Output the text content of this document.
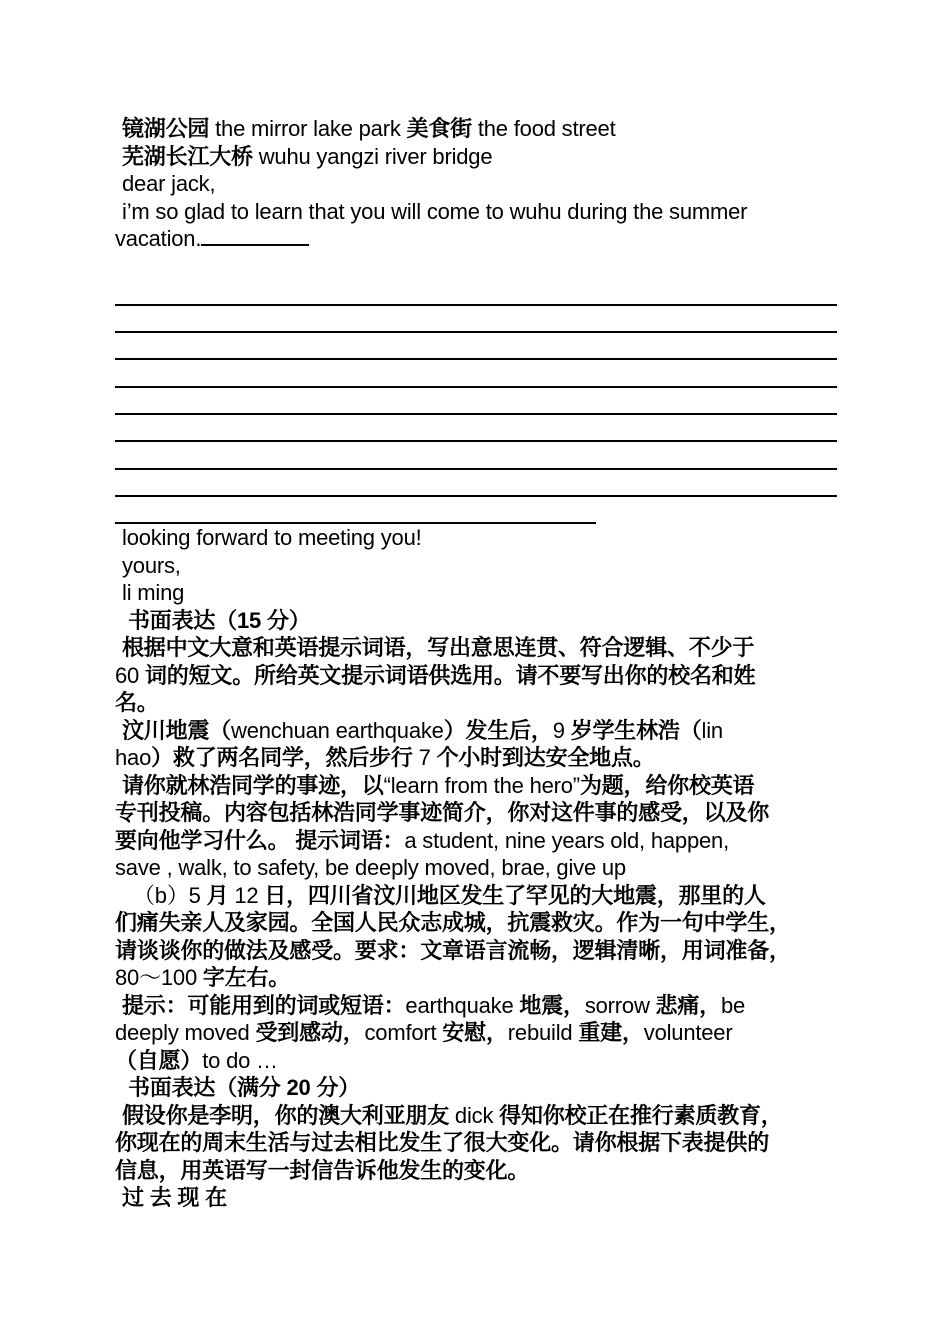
镜湖公园 the mirror lake park 美食街 the food street
芜湖长江大桥 wuhu yangzi river bridge
dear jack,
i’m so glad to learn that you will come to wuhu during the summer
vacation.
looking forward to meeting you!
yours,
li ming
书面表达（15 分）
根据中文大意和英语提示词语，写出意思连贯、符合逻辑、不少于
60 词的短文。所给英文提示词语供选用。请不要写出你的校名和姓
名。
汶川地震（wenchuan earthquake）发生后，9 岁学生林浩（lin
hao）救了两名同学，然后步行 7 个小时到达安全地点。
请你就林浩同学的事迹，以“learn from the hero”为题，给你校英语
专刊投稿。内容包括林浩同学事迹简介，你对这件事的感受，以及你
要向他学习什么。 提示词语：a student, nine years old, happen,
save , walk, to safety, be deeply moved, brae, give up
（b）5 月 12 日，四川省汶川地区发生了罕见的大地震，那里的人
们痛失亲人及家园。全国人民众志成城，抗震救灾。作为一句中学生，
请谈谈你的做法及感受。要求：文章语言流畅，逻辑清晰，用词准备，
80～100 字左右。
提示：可能用到的词或短语：earthquake 地震，sorrow 悲痛，be
deeply moved 受到感动，comfort 安慰，rebuild 重建，volunteer
（自愿）to do …
书面表达（满分 20 分）
假设你是李明，你的澳大利亚朋友 dick 得知你校正在推行素质教育，
你现在的周末生活与过去相比发生了很大变化。请你根据下表提供的
信息，用英语写一封信告诉他发生的变化。
过 去 现 在
